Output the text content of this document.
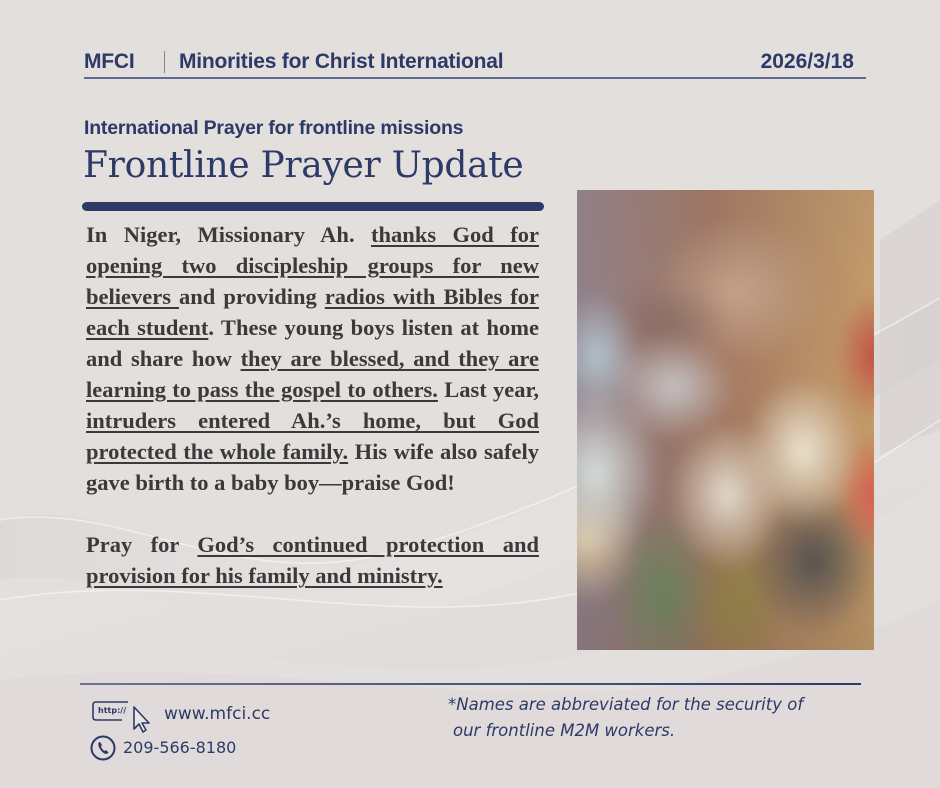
MFCI Minorities for Christ International	2026/3/18
International Prayer for frontline missions
Frontline Prayer Update

In Niger, Missionary Ah. thanks God for opening two discipleship groups for new believers and providing radios with Bibles for each student. These young boys listen at home and share how they are blessed, and they are learning to pass the gospel to others. Last year, intruders entered Ah.’s home, but God protected the whole family. His wife also safely gave birth to a baby boy—praise God!

Pray for God’s continued protection and provision for his family and ministry.

http:// www.mfci.cc
209-566-8180
*Names are abbreviated for the security of
our frontline M2M workers.
